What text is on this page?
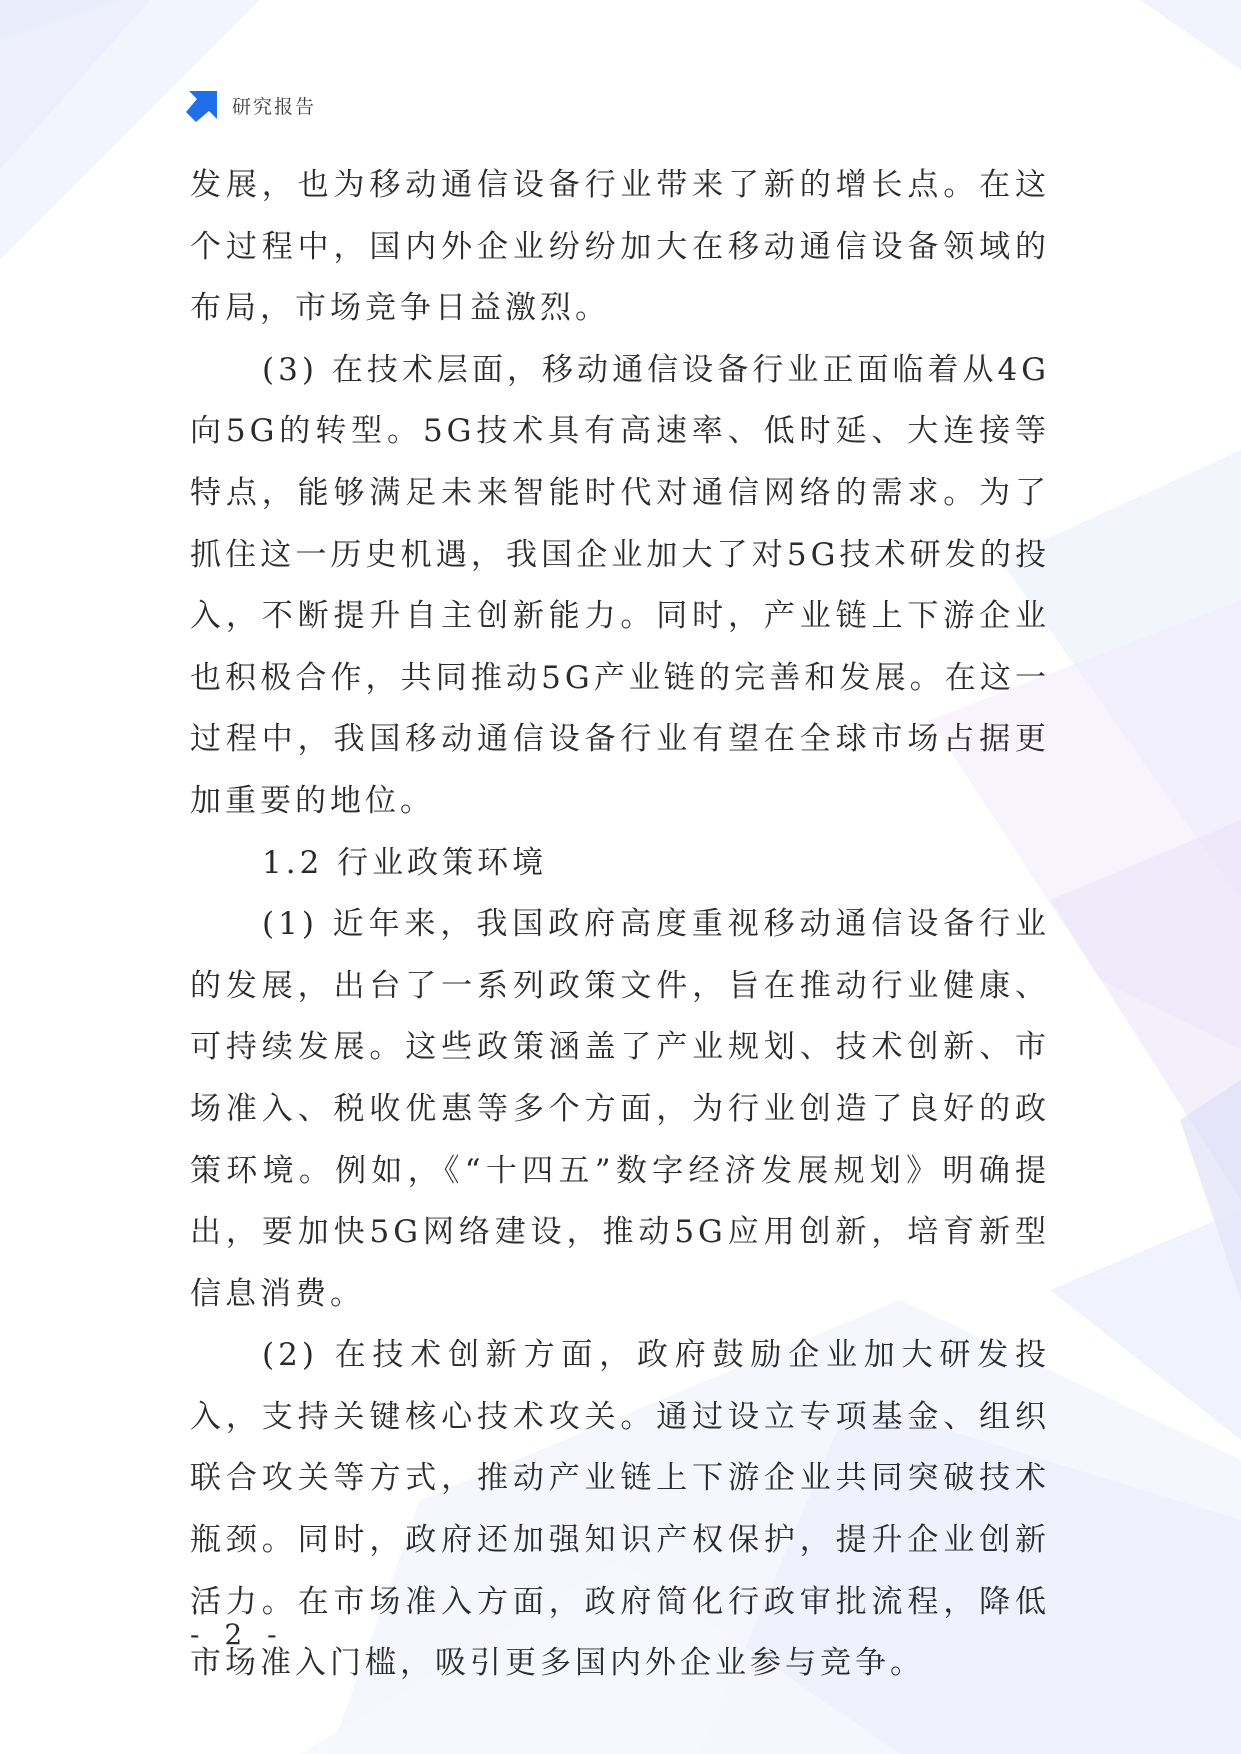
研究报告

发展，也为移动通信设备行业带来了新的增长点。在这个过程中，国内外企业纷纷加大在移动通信设备领域的布局，市场竞争日益激烈。

(3) 在技术层面，移动通信设备行业正面临着从4G向5G的转型。5G技术具有高速率、低时延、大连接等特点，能够满足未来智能时代对通信网络的需求。为了抓住这一历史机遇，我国企业加大了对5G技术研发的投入，不断提升自主创新能力。同时，产业链上下游企业也积极合作，共同推动5G产业链的完善和发展。在这一过程中，我国移动通信设备行业有望在全球市场占据更加重要的地位。

1.2 行业政策环境

(1) 近年来，我国政府高度重视移动通信设备行业的发展，出台了一系列政策文件，旨在推动行业健康、可持续发展。这些政策涵盖了产业规划、技术创新、市场准入、税收优惠等多个方面，为行业创造了良好的政策环境。例如，《“十四五”数字经济发展规划》明确提出，要加快5G网络建设，推动5G应用创新，培育新型信息消费。

(2) 在技术创新方面，政府鼓励企业加大研发投入，支持关键核心技术攻关。通过设立专项基金、组织联合攻关等方式，推动产业链上下游企业共同突破技术瓶颈。同时，政府还加强知识产权保护，提升企业创新活力。在市场准入方面，政府简化行政审批流程，降低市场准入门槛，吸引更多国内外企业参与竞争。

- 2 -
